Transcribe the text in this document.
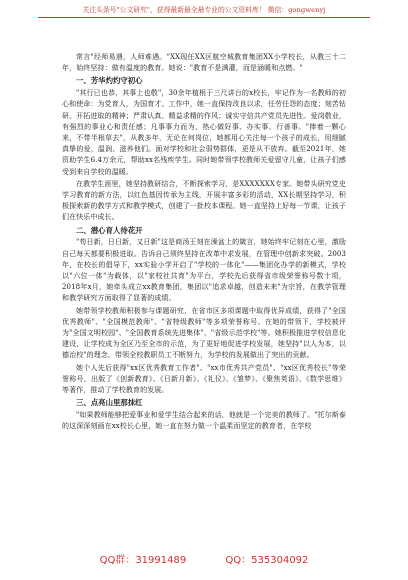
关注头条号"公文研究"，获得最新最全最专业的公文资料库！ 微信：gongwenyj

常言"经师易遇，人师难遇。"XX现任XX区航空城教育集团XX小学校长，从教三十二年，始终坚持：做有温度的教育。她说："教育不是满灌，而是涵暖和点燃。"

一、芳华灼灼守初心

"其行已也恭，其事上也敬"，30余年植根于三尺讲台的x校长，牢记作为一名教师的初心和使命：为党育人，为国育才。工作中，她一直保持改良以求，任劳任怨的态度；刻苦钻研、开拓进取的精神；严肃认真、精益求精的作风；诚实守信共产党员先进性。爱岗敬业，有强烈的事业心和责任感；凡事事力而为，热心做好事、办实事、行善事。"捧着一颗心来，不带半根草去"，从教多年，无论在何岗位，她都用心关注每一个孩子的成长，用细腻真挚的爱，温润、滋养他们。面对学校和社会弱势群体，更是从不放弃。截至2021年，她资助学生6.4万余元，帮助xx名残疾学生。同时她带领学校教师关爱留守儿童，让孩子们感受到来自学校的温暖。

在教学生涯里，她坚持教研结合，不断探索学习，是XXXXXXX专家。她带头研究党史学习教育的新方法，以红色基因传承为主线，开展丰富多彩的活动，XX长期坚持学习，积极探索新的教学方式和教学模式，创建了一批校本课程。她一直坚持上好每一节课，让孩子们在快乐中成长。

二、潜心育人待花开

"苟日新，日日新，又日新"这是商汤王刻在澡盆上的箴言，她始终牢记刻在心里，激励自己每天都要积极进取。告诉自己须终坚持在改革中求发展，在管理中创新求突破。2003年，在校长的倡导下，xx实验小学开启了"学校的一体化"——集团化办学的新模式，学校以"六位一体"为载体，以"家校社共育"为平台，学校先后获得省市级荣誉称号数十项，2018年x月，她牵头成立xx教育集团，集团以"追求卓越，创造未来"为宗旨，在教学管理和教学研究方面取得了显著的成绩。

她带领学校教师积极参与课题研究，在省市区多项课题中取得优异成绩，获得了"全国优秀教师"、"全国模范教师"、"省特级教师"等多项荣誉称号。在她的带领下，学校被评为"全国文明校园"、"全国教育系统先进集体"、"省级示范学校"等。她积极推进学校信息化建设，让学校成为全区乃至全市的示范，为了更好地促进学校发展，她坚持"以人为本，以德治校"的理念，带领全校教职员工不断努力，为学校的发展做出了突出的贡献。

她个人先后获得"xx区优秀教育工作者"、"xx市优秀共产党员"、"xx区优秀校长"等荣誉称号，出版了《创新教育》、《日新月新》、《礼仪》、《雏梦》、《聚焦英语》、《数学思维》等著作，推动了学校教育的发展。

三、点亮山里那抹红

"如果教师能够把爱事业和爱学生结合起来的话，他就是一个完美的教师了。"托尔斯泰的这深深刻画在xx校长心里，她一直在努力做一个温柔而坚定的教育者，在学校

QQ群：31991489	QQ：535304092
